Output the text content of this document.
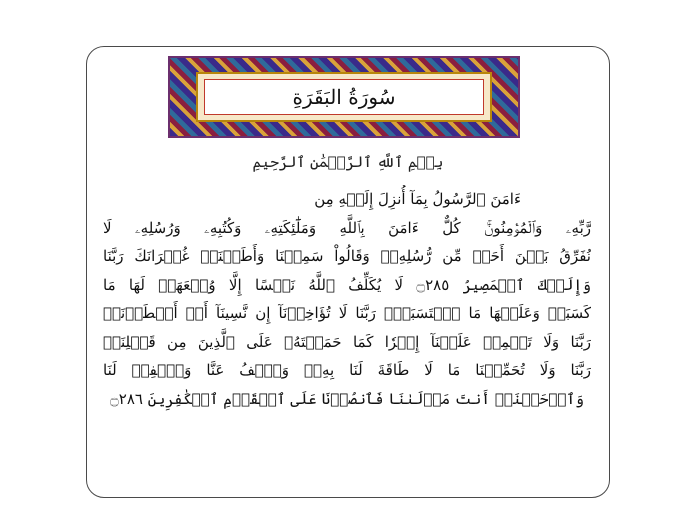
سُورَةُ البَقَرَةِ
بِسۡمِ ٱللَّهِ ٱلرَّحۡمَٰنِ ٱلرَّحِيمِ
ءَامَنَ ٱلرَّسُولُ بِمَآ أُنزِلَ إِلَيۡهِ مِن
رَّبِّهِۦ وَٱلۡمُؤۡمِنُونَۚ كُلٌّ ءَامَنَ بِٱللَّهِ وَمَلَٰٓئِكَتِهِۦ وَكُتُبِهِۦ وَرُسُلِهِۦ لَا
نُفَرِّقُ بَيۡنَ أَحَدٖ مِّن رُّسُلِهِۦۚ وَقَالُواْ سَمِعۡنَا وَأَطَعۡنَاۖ غُفۡرَانَكَ رَبَّنَا
وَإِلَيۡكَ ٱلۡمَصِيرُ ۝٢٨٥ لَا يُكَلِّفُ ٱللَّهُ نَفۡسًا إِلَّا وُسۡعَهَاۚ لَهَا مَا
كَسَبَتۡ وَعَلَيۡهَا مَا ٱكۡتَسَبَتۡۗ رَبَّنَا لَا تُؤَاخِذۡنَآ إِن نَّسِينَآ أَوۡ أَخۡطَأۡنَاۚ
رَبَّنَا وَلَا تَحۡمِلۡ عَلَيۡنَآ إِصۡرٗا كَمَا حَمَلۡتَهُۥ عَلَى ٱلَّذِينَ مِن قَبۡلِنَاۚ
رَبَّنَا وَلَا تُحَمِّلۡنَا مَا لَا طَاقَةَ لَنَا بِهِۦۖ وَٱعۡفُ عَنَّا وَٱغۡفِرۡ لَنَا
وَٱرۡحَمۡنَآۚ أَنتَ مَوۡلَىٰنَا فَٱنصُرۡنَا عَلَى ٱلۡقَوۡمِ ٱلۡكَٰفِرِينَ ۝٢٨٦
